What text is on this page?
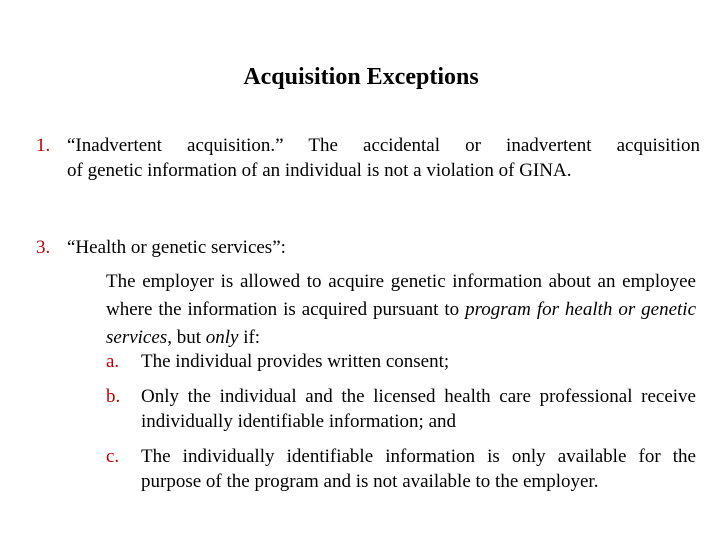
Acquisition Exceptions
1. “Inadvertent acquisition.” The accidental or inadvertent acquisition
of genetic information of an individual is not a violation of GINA.
3. “Health or genetic services”:
The employer is allowed to acquire genetic information about an employee where the information is acquired pursuant to program for health or genetic services, but only if:
a. The individual provides written consent;
b. Only the individual and the licensed health care professional receive individually identifiable information; and
c. The individually identifiable information is only available for the purpose of the program and is not available to the employer.
